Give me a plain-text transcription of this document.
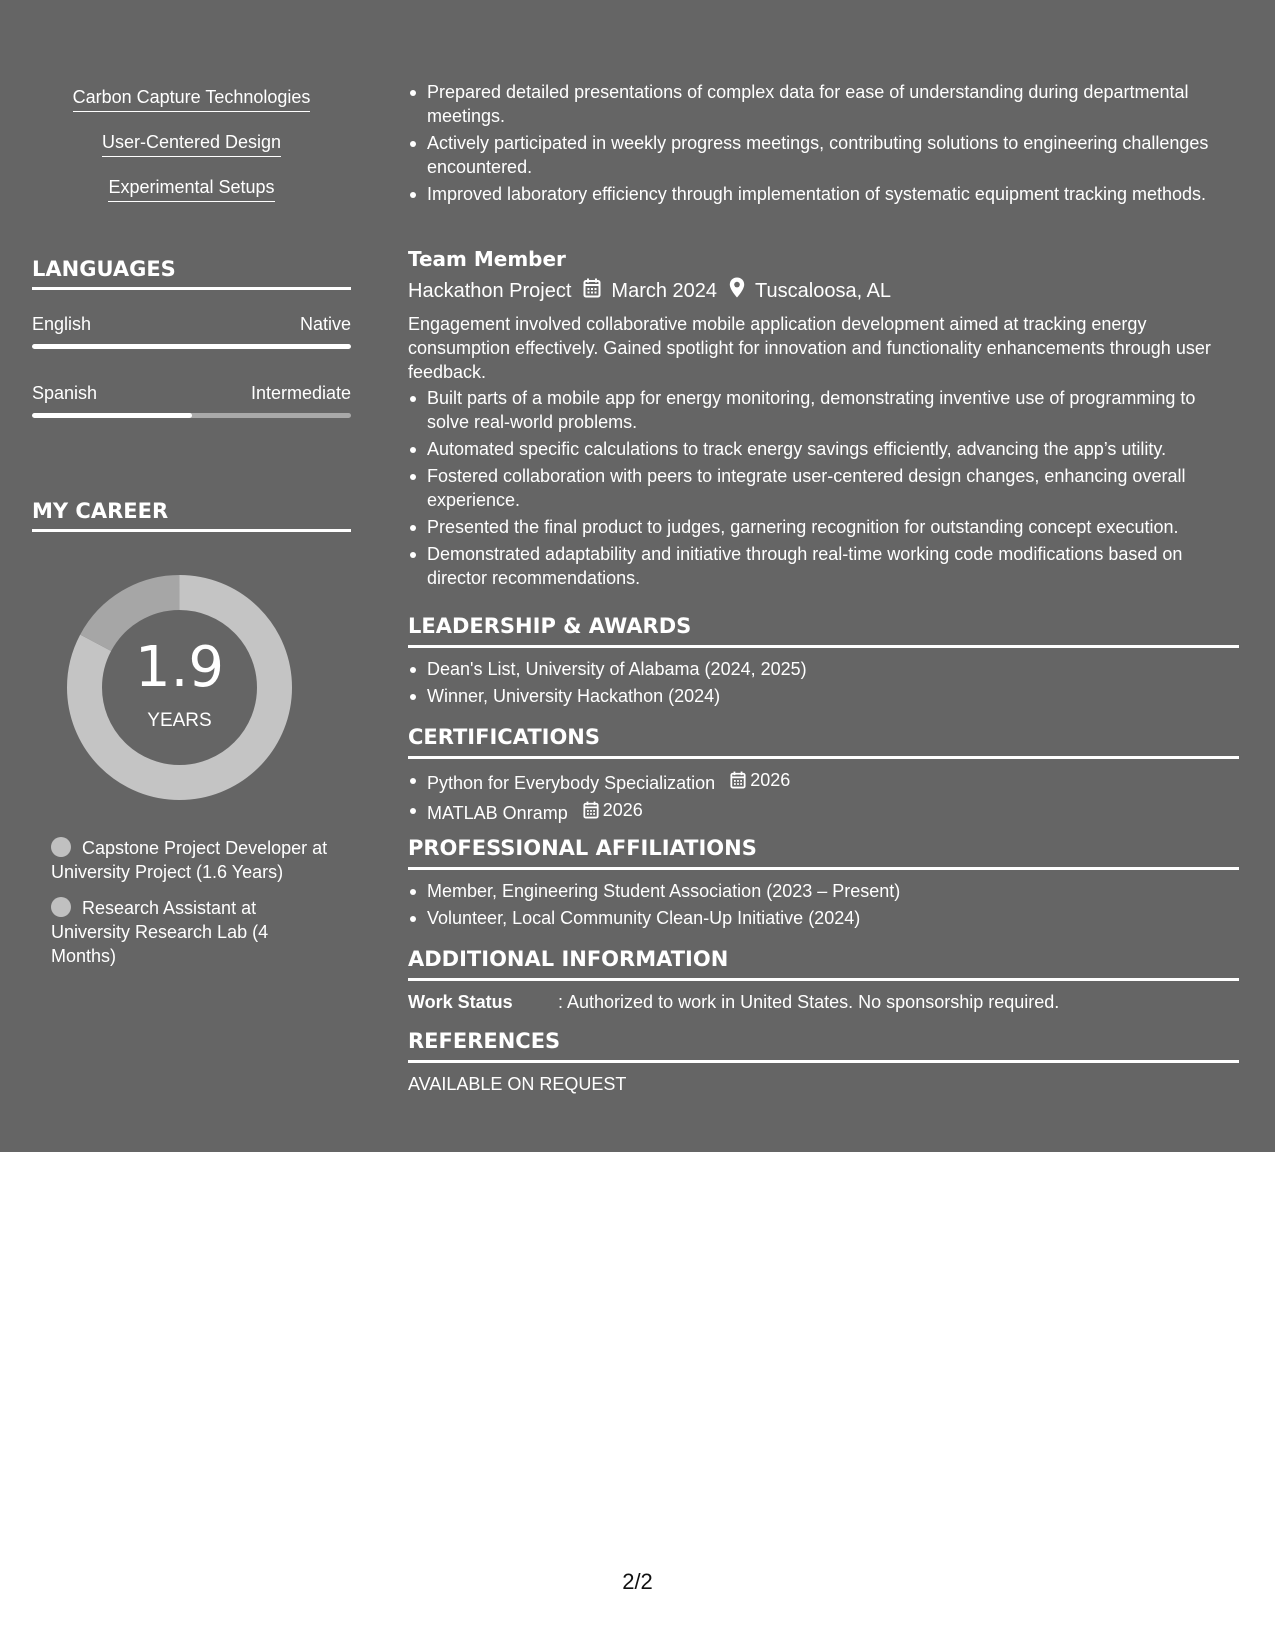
Carbon Capture Technologies
User-Centered Design
Experimental Setups
LANGUAGES
English	Native
Spanish	Intermediate
MY CAREER
1.9
YEARS
Capstone Project Developer at University Project (1.6 Years)
Research Assistant at University Research Lab (4 Months)
Prepared detailed presentations of complex data for ease of understanding during departmental meetings.
Actively participated in weekly progress meetings, contributing solutions to engineering challenges encountered.
Improved laboratory efficiency through implementation of systematic equipment tracking methods.
Team Member
Hackathon Project March 2024 Tuscaloosa, AL
Engagement involved collaborative mobile application development aimed at tracking energy consumption effectively. Gained spotlight for innovation and functionality enhancements through user feedback.
Built parts of a mobile app for energy monitoring, demonstrating inventive use of programming to solve real-world problems.
Automated specific calculations to track energy savings efficiently, advancing the app’s utility.
Fostered collaboration with peers to integrate user-centered design changes, enhancing overall experience.
Presented the final product to judges, garnering recognition for outstanding concept execution.
Demonstrated adaptability and initiative through real-time working code modifications based on director recommendations.
LEADERSHIP & AWARDS
Dean's List, University of Alabama (2024, 2025)
Winner, University Hackathon (2024)
CERTIFICATIONS
Python for Everybody Specialization 2026
MATLAB Onramp 2026
PROFESSIONAL AFFILIATIONS
Member, Engineering Student Association (2023 – Present)
Volunteer, Local Community Clean-Up Initiative (2024)
ADDITIONAL INFORMATION
Work Status	: Authorized to work in United States. No sponsorship required.
REFERENCES
AVAILABLE ON REQUEST
2/2
